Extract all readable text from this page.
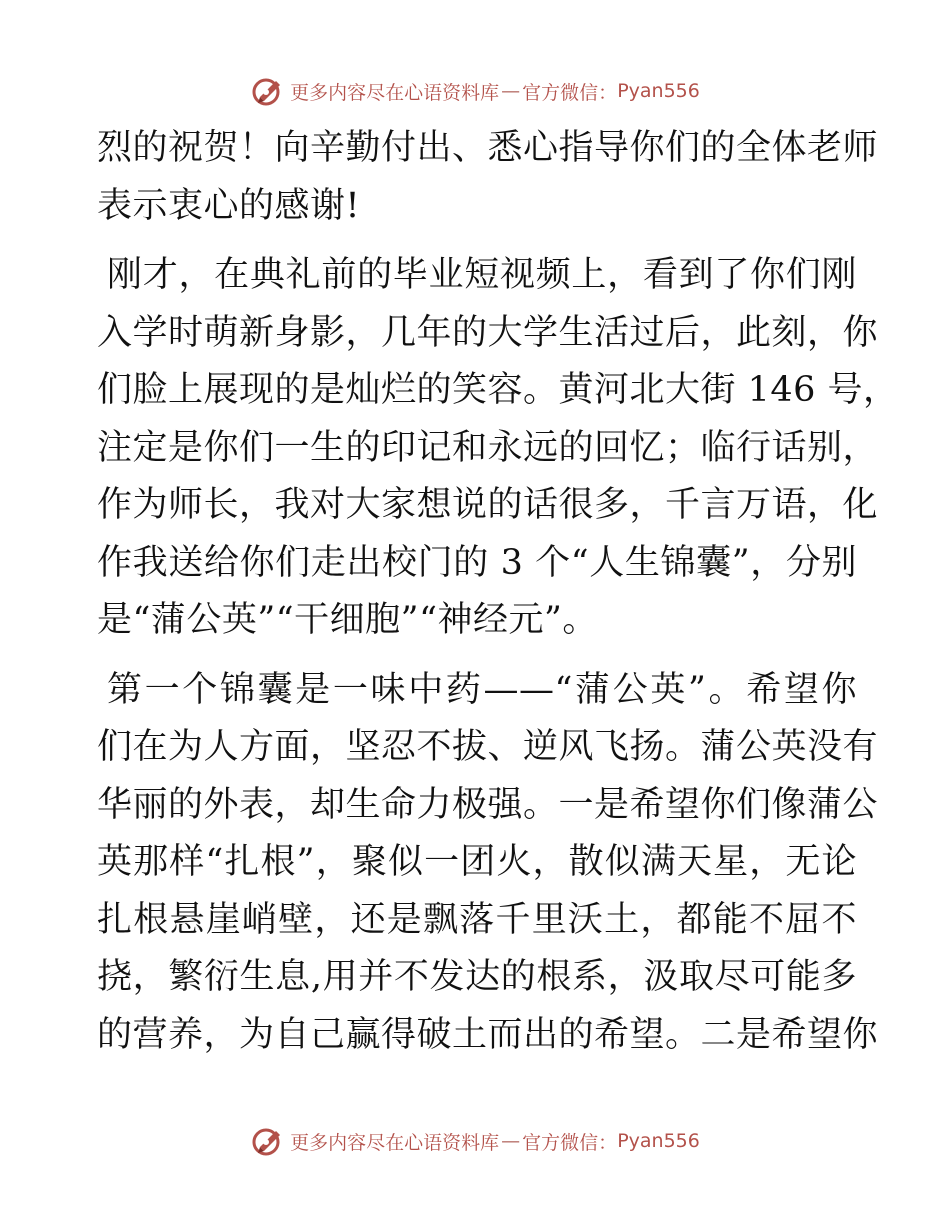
更多内容尽在心语资料库 — 官方微信： Pyan556

烈的祝贺！向辛勤付出、悉心指导你们的全体老师
表示衷心的感谢!

刚才，在典礼前的毕业短视频上，看到了你们刚
入学时萌新身影，几年的大学生活过后，此刻，你
们脸上展现的是灿烂的笑容。黄河北大街 146 号，
注定是你们一生的印记和永远的回忆；临行话别，
作为师长，我对大家想说的话很多，千言万语，化
作我送给你们走出校门的 3 个“人生锦囊”，分别
是“蒲公英”“干细胞”“神经元”。

第一个锦囊是一味中药——“蒲公英”。希望你
们在为人方面，坚忍不拔、逆风飞扬。蒲公英没有
华丽的外表，却生命力极强。一是希望你们像蒲公
英那样“扎根”，聚似一团火，散似满天星，无论
扎根悬崖峭壁，还是飘落千里沃土，都能不屈不
挠，繁衍生息,用并不发达的根系，汲取尽可能多
的营养，为自己赢得破土而出的希望。二是希望你

更多内容尽在心语资料库 — 官方微信： Pyan556
